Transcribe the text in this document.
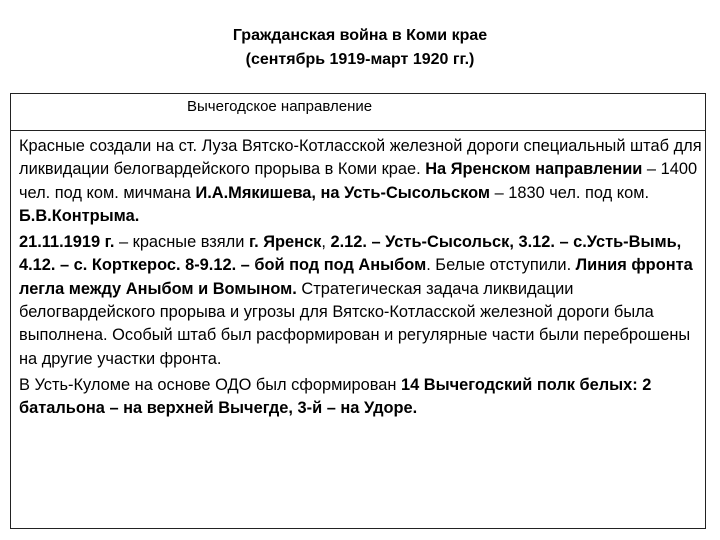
Гражданская война в Коми крае
(сентябрь 1919-март 1920 гг.)
Вычегодское направление

Красные создали на ст. Луза Вятско-Котласской железной дороги специальный штаб для ликвидации белогвардейского прорыва в Коми крае. На Яренском направлении – 1400 чел. под ком. мичмана И.А.Мякишева, на Усть-Сысольском – 1830 чел. под ком. Б.В.Контрыма.

21.11.1919 г. – красные взяли г. Яренск, 2.12. – Усть-Сысольск, 3.12. – с.Усть-Вымь, 4.12. – с. Корткерос. 8-9.12. – бой под под Аныбом. Белые отступили. Линия фронта легла между Аныбом и Вомыном. Стратегическая задача ликвидации белогвардейского прорыва и угрозы для Вятско-Котласской железной дороги была выполнена. Особый штаб был расформирован и регулярные части были переброшены на другие участки фронта.

В Усть-Куломе на основе ОДО был сформирован 14 Вычегодский полк белых: 2 батальона – на верхней Вычегде, 3-й – на Удоре.
